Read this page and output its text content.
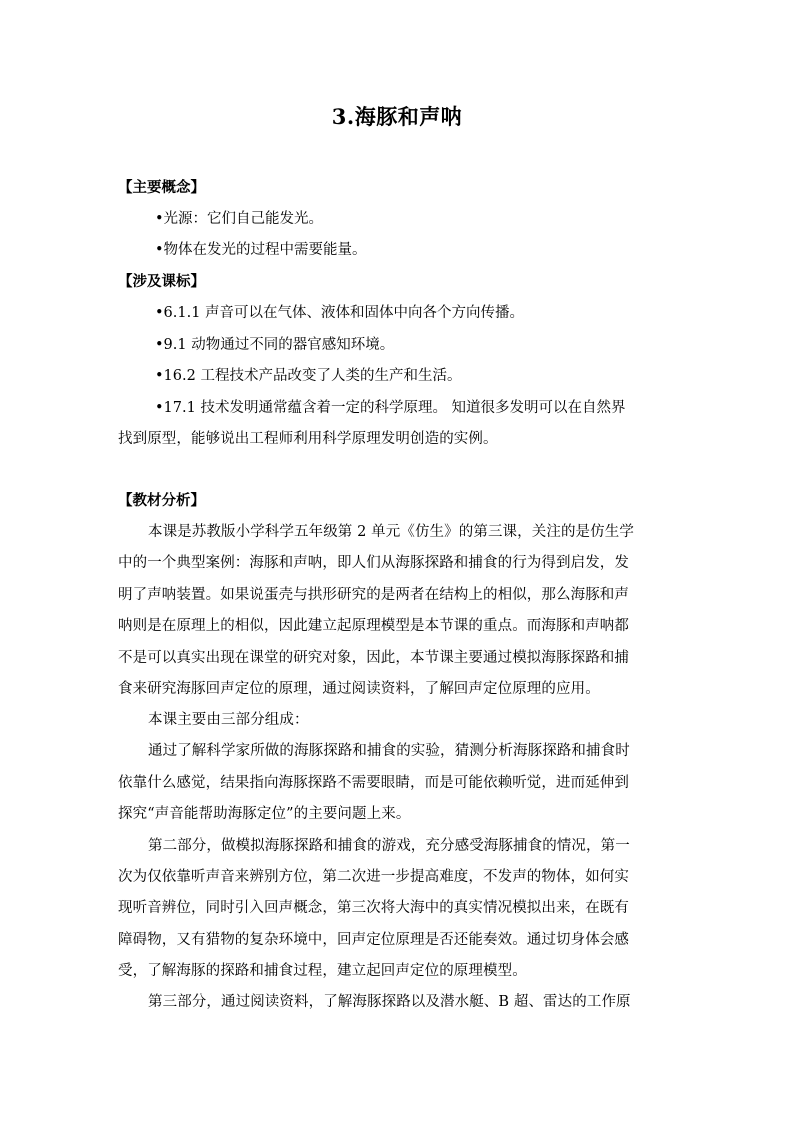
3.海豚和声呐
【主要概念】
•光源：它们自己能发光。
•物体在发光的过程中需要能量。
【涉及课标】
•6.1.1 声音可以在气体、液体和固体中向各个方向传播。
•9.1 动物通过不同的器官感知环境。
•16.2 工程技术产品改变了人类的生产和生活。
•17.1 技术发明通常蕴含着一定的科学原理。 知道很多发明可以在自然界
找到原型，能够说出工程师利用科学原理发明创造的实例。
【教材分析】
本课是苏教版小学科学五年级第 2 单元《仿生》的第三课，关注的是仿生学
中的一个典型案例：海豚和声呐，即人们从海豚探路和捕食的行为得到启发，发
明了声呐装置。如果说蛋壳与拱形研究的是两者在结构上的相似，那么海豚和声
呐则是在原理上的相似，因此建立起原理模型是本节课的重点。而海豚和声呐都
不是可以真实出现在课堂的研究对象，因此，本节课主要通过模拟海豚探路和捕
食来研究海豚回声定位的原理，通过阅读资料，了解回声定位原理的应用。
本课主要由三部分组成：
通过了解科学家所做的海豚探路和捕食的实验，猜测分析海豚探路和捕食时
依靠什么感觉，结果指向海豚探路不需要眼睛，而是可能依赖听觉，进而延伸到
探究“声音能帮助海豚定位”的主要问题上来。
第二部分，做模拟海豚探路和捕食的游戏，充分感受海豚捕食的情况，第一
次为仅依靠听声音来辨别方位，第二次进一步提高难度，不发声的物体，如何实
现听音辨位，同时引入回声概念，第三次将大海中的真实情况模拟出来，在既有
障碍物，又有猎物的复杂环境中，回声定位原理是否还能奏效。通过切身体会感
受，了解海豚的探路和捕食过程，建立起回声定位的原理模型。
第三部分，通过阅读资料，了解海豚探路以及潜水艇、B 超、雷达的工作原
